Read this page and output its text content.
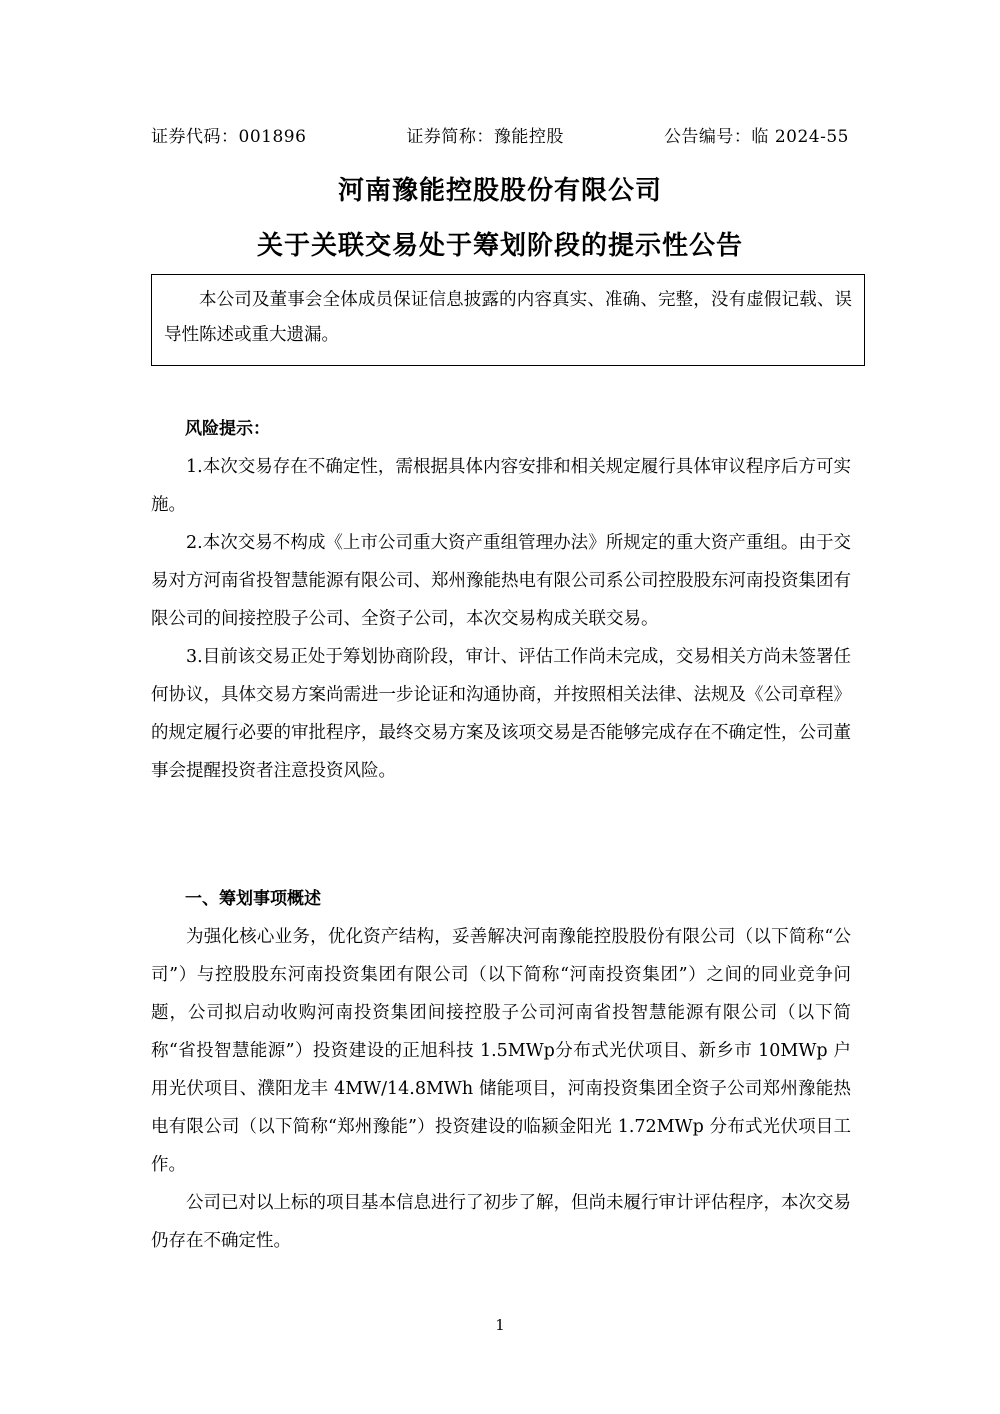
证券代码：001896	证券简称：豫能控股	公告编号：临 2024-55
河南豫能控股股份有限公司
关于关联交易处于筹划阶段的提示性公告
本公司及董事会全体成员保证信息披露的内容真实、准确、完整，没有虚假记载、误导性陈述或重大遗漏。

风险提示：

1.本次交易存在不确定性，需根据具体内容安排和相关规定履行具体审议程序后方可实施。

2.本次交易不构成《上市公司重大资产重组管理办法》所规定的重大资产重组。由于交易对方河南省投智慧能源有限公司、郑州豫能热电有限公司系公司控股股东河南投资集团有限公司的间接控股子公司、全资子公司，本次交易构成关联交易。

3.目前该交易正处于筹划协商阶段，审计、评估工作尚未完成，交易相关方尚未签署任何协议，具体交易方案尚需进一步论证和沟通协商，并按照相关法律、法规及《公司章程》的规定履行必要的审批程序，最终交易方案及该项交易是否能够完成存在不确定性，公司董事会提醒投资者注意投资风险。

一、筹划事项概述

为强化核心业务，优化资产结构，妥善解决河南豫能控股股份有限公司（以下简称“公司”）与控股股东河南投资集团有限公司（以下简称“河南投资集团”）之间的同业竞争问题，公司拟启动收购河南投资集团间接控股子公司河南省投智慧能源有限公司（以下简称“省投智慧能源”）投资建设的正旭科技 1.5MWp分布式光伏项目、新乡市 10MWp 户用光伏项目、濮阳龙丰 4MW/14.8MWh 储能项目，河南投资集团全资子公司郑州豫能热电有限公司（以下简称“郑州豫能”）投资建设的临颍金阳光 1.72MWp 分布式光伏项目工作。

公司已对以上标的项目基本信息进行了初步了解，但尚未履行审计评估程序，本次交易仍存在不确定性。

1
